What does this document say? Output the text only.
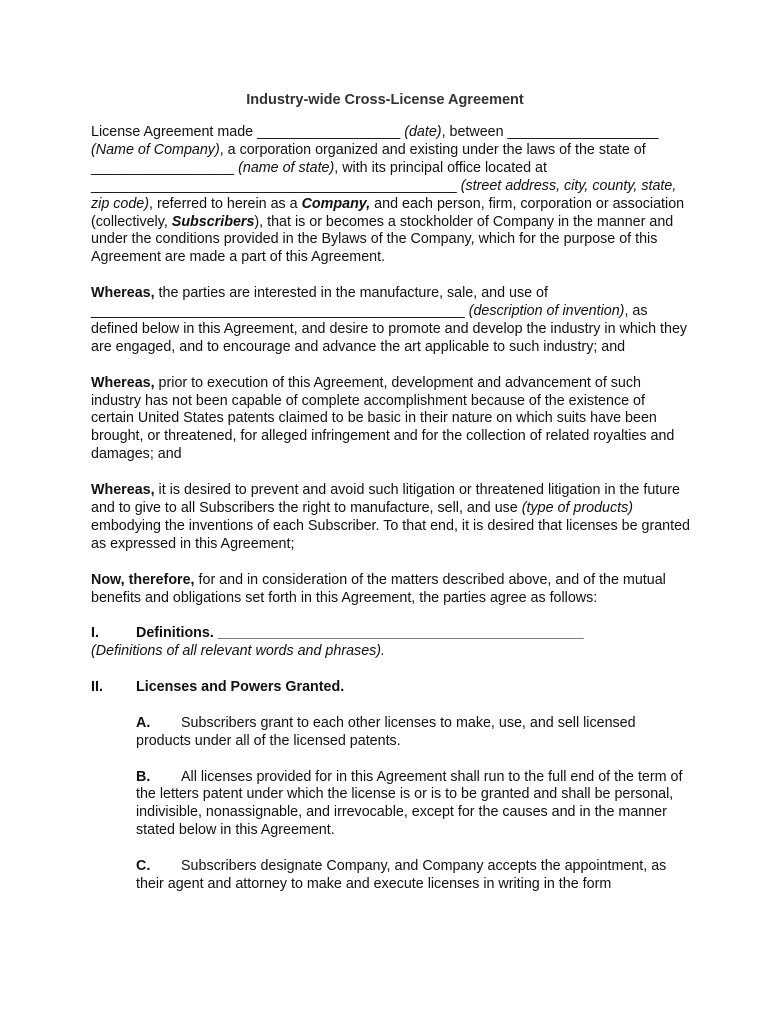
Industry-wide Cross-License Agreement

License Agreement made __________________ (date), between ___________________ (Name of Company), a corporation organized and existing under the laws of the state of __________________ (name of state), with its principal office located at ______________________________________________ (street address, city, county, state, zip code), referred to herein as a Company, and each person, firm, corporation or association (collectively, Subscribers), that is or becomes a stockholder of Company in the manner and under the conditions provided in the Bylaws of the Company, which for the purpose of this Agreement are made a part of this Agreement.

Whereas, the parties are interested in the manufacture, sale, and use of _______________________________________________ (description of invention), as defined below in this Agreement, and desire to promote and develop the industry in which they are engaged, and to encourage and advance the art applicable to such industry; and

Whereas, prior to execution of this Agreement, development and advancement of such industry has not been capable of complete accomplishment because of the existence of certain United States patents claimed to be basic in their nature on which suits have been brought, or threatened, for alleged infringement and for the collection of related royalties and damages; and

Whereas, it is desired to prevent and avoid such litigation or threatened litigation in the future and to give to all Subscribers the right to manufacture, sell, and use (type of products) embodying the inventions of each Subscriber. To that end, it is desired that licenses be granted as expressed in this Agreement;

Now, therefore, for and in consideration of the matters described above, and of the mutual benefits and obligations set forth in this Agreement, the parties agree as follows:

I.	Definitions. ______________________________________________
(Definitions of all relevant words and phrases).

II. Licenses and Powers Granted.

A. Subscribers grant to each other licenses to make, use, and sell licensed products under all of the licensed patents.

B. All licenses provided for in this Agreement shall run to the full end of the term of the letters patent under which the license is or is to be granted and shall be personal, indivisible, nonassignable, and irrevocable, except for the causes and in the manner stated below in this Agreement.

C. Subscribers designate Company, and Company accepts the appointment, as their agent and attorney to make and execute licenses in writing in the form
